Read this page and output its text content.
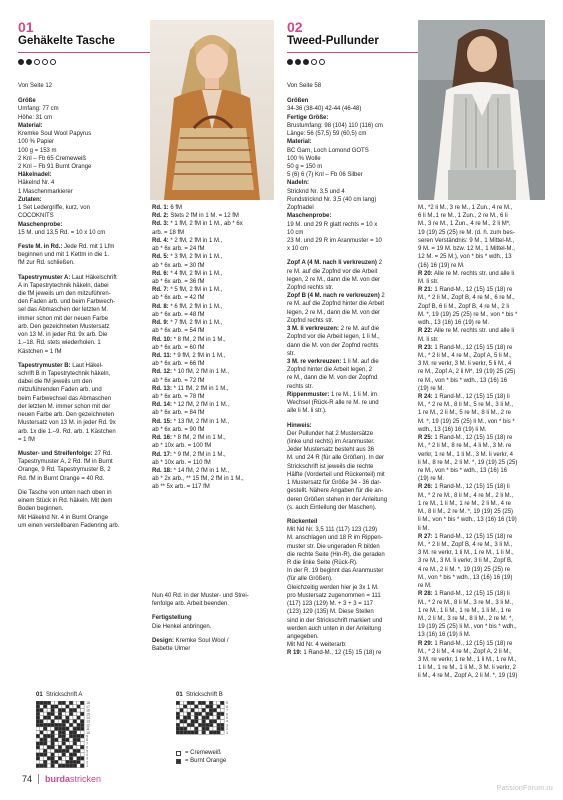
01
Gehäkelte Tasche

Von Seite 12

Größe

Umfang: 77 cm
Höhe: 31 cm

Material:

Kremke Soul Wool Papyrus
100 % Papier
100 g = 153 m
2 Knl – Fb 65 Cremeweiß
2 Knl – Fb 91 Burnt Orange

Häkelnadel:

Häkelnd Nr. 4
1 Maschenmarkierer

Zutaten:

1 Set Ledergriffe, kurz, von
COCOKNITS

Maschenprobe:

15 M. und 13,5 Rd. = 10 x 10 cm

Feste M. in Rd.: Jede Rd. mit 1 Lfm
beginnen und mit 1 Kettm in die 1.
fM zur Rd. schließen.

Tapestrymuster A: Laut Häkelschrift
A in Tapestrytechnik häkeln, dabei
die fM jeweils um den mitzuführen-
den Faden arb. und beim Farbwech-
sel das Abmaschen der letzten M.
immer schon mit der neuen Farbe
arb. Den gezeichneten Mustersatz
von 13 M. in jeder Rd. 9x arb. Die
1.–18. Rd. stets wiederholen. 1
Kästchen = 1 fM

Tapestrymuster B: Laut Häkel-
schrift B in Tapestrytechnik häkeln,
dabei die fM jeweils um den
mitzuführenden Faden arb. und
beim Farbwechsel das Abmaschen
der letzten M. immer schon mit der
neuen Farbe arb. Den gezeichneten
Mustersatz von 13 M. in jeder Rd. 9x
arb. 1x die 1.–9. Rd. arb. 1 Kästchen
= 1 fM

Muster- und Streifenfolge: 27 Rd.
Tapestrymuster A, 2 Rd. fM in Burnt
Orange, 9 Rd. Tapestrymuster B, 2
Rd. fM in Burnt Orange = 40 Rd.

Die Tasche von unten nach oben in
einem Stück in Rd. häkeln. Mit dem
Boden beginnen.
Mit Häkelnd Nr. 4 in Burnt Orange
um einen verstellbaren Fadenring arb.

Rd. 1: 6 fM

Rd. 2: Stets 2 fM in 1 M. = 12 fM

Rd. 3: * 1 fM, 2 fM in 1 M., ab * 6x
arb. = 18 fM

Rd. 4: * 2 fM, 2 fM in 1 M.,
ab * 6x arb. = 24 fM

Rd. 5: * 3 fM, 2 fM in 1 M.,
ab * 6x arb. = 30 fM

Rd. 6: * 4 fM, 2 fM in 1 M.,
ab * 6x arb. = 36 fM

Rd. 7: * 5 fM, 2 fM in 1 M.,
ab * 6x arb. = 42 fM

Rd. 8: * 6 fM, 2 fM in 1 M.,
ab * 6x arb. = 48 fM

Rd. 9: * 7 fM, 2 fM in 1 M.,
ab * 6x arb. = 54 fM

Rd. 10: * 8 fM, 2 fM in 1 M.,
ab * 6x arb. = 60 fM

Rd. 11: * 9 fM, 2 fM in 1 M.,
ab * 6x arb. = 66 fM

Rd. 12: * 10 fM, 2 fM in 1 M.,
ab * 6x arb. = 72 fM

Rd. 13: * 11 fM, 2 fM in 1 M.,
ab * 6x arb. = 78 fM

Rd. 14: * 12 fM, 2 fM in 1 M.,
ab * 6x arb. = 84 fM

Rd. 15: * 13 fM, 2 fM in 1 M.,
ab * 6x arb. = 90 fM

Rd. 16: * 8 fM, 2 fM in 1 M.,
ab * 10x arb. = 100 fM

Rd. 17: * 9 fM, 2 fM in 1 M.,
ab * 10x arb. = 110 fM

Rd. 18: * 14 fM, 2 fM in 1 M.,
ab * 2x arb., ** 15 fM, 2 fM in 1 M.,
ab ** 5x arb. = 117 fM

Nun 40 Rd. in der Muster- und Strei-
fenfolge arb. Arbeit beenden.

Fertigstellung

Die Henkel anbringen.

Design: Kremke Soul Wool /
Babette Ulmer

01 Strickschrift A
1
2
3
4
5
6
7
8
9
10
11
12
13
14
15
16
17
18
01 Strickschrift B
1
2
3
4
5
6
7
8
9
= Cremeweiß
= Burnt Orange
02
Tweed-Pullunder

Von Seite 58

Größen

34-36 (38-40) 42-44 (46-48)

Fertige Größe:

Brustumfang: 98 (104) 110 (116) cm
Länge: 56 (57,5) 59 (60,5) cm

Material:

BC Garn, Loch Lomond GOTS
100 % Wolle
50 g = 150 m
5 (6) 6 (7) Knl – Fb 06 Silber

Nadeln:

Stricknd Nr. 3,5 und 4
Rundstricknd Nr. 3,5 (40 cm lang)
Zopfnadel

Maschenprobe:

19 M. und 29 R glatt rechts = 10 x
10 cm
23 M. und 29 R im Aranmuster = 10
x 10 cm

Zopf A (4 M. nach li verkreuzen) 2
re M. auf die Zopfnd vor die Arbeit
legen, 2 re M., dann die M. von der
Zopfnd rechts str.

Zopf B (4 M. nach re verkreuzen) 2
re M. auf die Zopfnd hinter die Arbeit
legen, 2 re M., dann die M. von der
Zopfnd rechts str.

3 M. li verkreuzen: 2 re M. auf die
Zopfnd vor die Arbeit legen, 1 li M.,
dann die M. von der Zopfnd rechts
str.

3 M. re verkreuzen: 1 li M. auf die
Zopfnd hinter die Arbeit legen, 2
re M., dann die M. von der Zopfnd
rechts str.

Rippenmuster: 1 re M., 1 li M. im
Wechsel (Rück-R alle re M. re und
alle li M. li str.).

Hinweis:

Der Pullunder hat 2 Mustersätze
(linke und rechts) im Aranmuster.
Jeder Mustersatz besteht aus 36
M. und 24 R (für alle Größen). In der
Strickschrift ist jeweils die rechte
Hälfte (Vorderteil und Rückenteil) mit
1 Mustersatz für Größe 34 - 36 dar-
gestellt. Nähere Angaben für die an-
deren Größen stehen in der Anleitung
(s. auch Einteilung der Maschen).

Rückenteil

Mit Nd Nr. 3,5 111 (117) 123 (129)
M. anschlagen und 18 R im Rippen-
muster str. Die ungeraden R bilden
die rechte Seite (Hin-R), die geraden
R die linke Seite (Rück-R).
In der R. 19 beginnt das Aranmuster
(für alle Größen).
Gleichzeitig werden hier je 3x 1 M.
pro Mustersatz zugenommen = 111
(117) 123 (129) M. + 3 + 3 = 117
(123) 129 (135) M. Diese Stellen
sind in der Strickschrift markiert und
werden auch unten in der Anleitung
angegeben.
Mit Nd Nr. 4 weiterarb:

R 19: 1 Rand-M., 12 (15) 15 (18) re

M., *2 li M., 3 re M., 1 Zun., 4 re M.,
6 li M.,1 re M., 1 Zun., 2 re M., 6 li
M., 3 re M., 1 Zun., 4 re M., 2 li M*,
19 (19) 25 (25) re M. (d. h. zum bes-
seren Verständnis: 9 M., 1 Mittel-M.,
9 M. = 19 M. bzw. 12 M., 1 Mittel-M.,
12 M. = 25 M.), von * bis * wdh., 13
(16) 16 (19) re M.

R 20: Alle re M. rechts str. und alle li
M. li str.

R 21: 1 Rand-M., 12 (15) 15 (18) re
M., * 2 li M., Zopf B, 4 re M., 6 re M.,
Zopf B, 6 li M., Zopf B, 4 re M., 2 li
M. *, 19 (19) 25 (25) re M., von * bis *
wdh., 13 (16) 16 (19) re M.

R 22: Alle re M. rechts str. und alle li
M. li str.

R 23: 1 Rand-M., 12 (15) 15 (18) re
M., * 2 li M., 4 re M., Zopf A, 5 li M.,
3 M. re verkr, 3 M. li verkr, 5 li M., 4
re M., Zopf A, 2 li M*, 19 (19) 25 (25)
re M., von * bis * wdh., 13 (16) 16
(19) re M.

R 24: 1 Rand-M., 12 (15) 15 (18) li
M., * 2 re M., 8 li M., 5 re M., 3 li M.,
1 re M., 2 li M., 5 re M., 8 li M., 2 re
M. *, 19 (19) 25 (25) li M., von * bis *
wdh., 13 (16) 16 (19) li M.

R 25: 1 Rand-M., 12 (15) 15 (18) re
M., * 2 li M., 8 re M., 4 li M., 3 M. re
verkr, 1 re M., 1 li M., 3 M. li verkr, 4
li M., 8 re M., 2 li M. *, 19 (19) 25 (25)
re M., von * bis * wdh., 13 (16) 16
(19) re M.

R 26: 1 Rand-M., 12 (15) 15 (18) li
M., * 2 re M., 8 li M., 4 re M., 2 li M.,
1 re M., 1 li M., 1 re M., 2 li M., 4 re
M., 8 li M., 2 re M. *, 19 (19) 25 (25)
li M., von * bis * wdh., 13 (16) 16 (19)
li M.

R 27: 1 Rand-M., 12 (15) 15 (18) re
M., * 2 li M., Zopf B, 4 re M., 3 li M.,
3 M. re verkr, 1 li M., 1 re M., 1 li M.,
3 re M., 3 M. li verkr, 3 li M., Zopf B,
4 re M., 2 li M. *, 19 (19) 25 (25) re
M., von * bis * wdh., 13 (16) 16 (19)
re M.

R 28: 1 Rand-M., 12 (15) 15 (18) li
M., * 2 re M., 8 li M., 3 re M., 3 li M.,
1 re M., 1 li M., 1 re M., 1 li M., 1 re
M., 2 li M., 3 re M., 8 li M., 2 re M. *,
19 (19) 25 (25) li M., von * bis * wdh.,
13 (16) 16 (19) li M.

R 29: 1 Rand-M., 12 (15) 15 (18) re
M., * 2 li M., 4 re M., Zopf A, 2 li M.,
3 M. re verkr, 1 re M., 1 li M., 1 re M.,
1 li M., 1 re M., 1 li M., 3 M. li verkr, 2
li M., 4 re M., Zopf A, 2 li M. *, 19 (19)

74 burdastricken
PassionForum.ru
